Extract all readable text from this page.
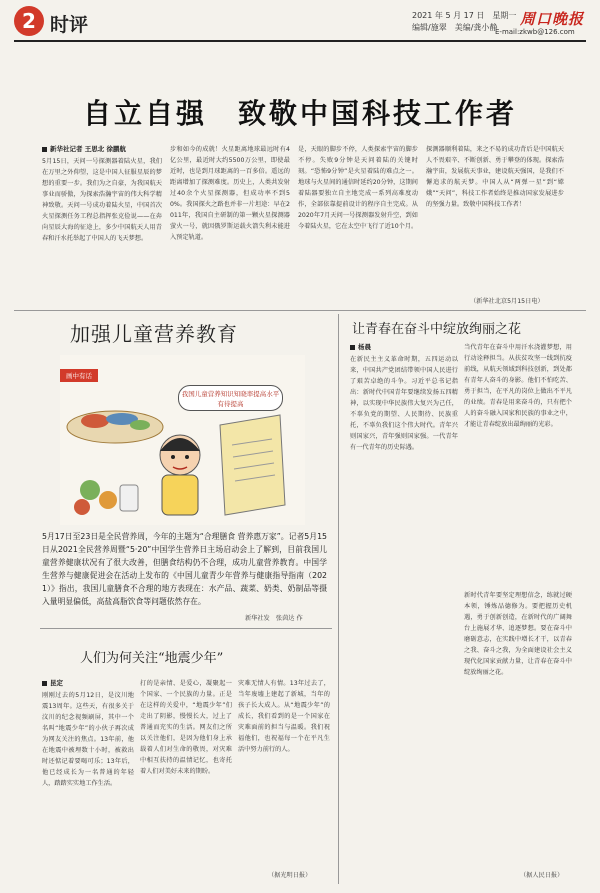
2 时评	2021 年 5 月 17 日　星期一
编辑/施翠　美编/龚小静	周口晚报
E-mail:zkwb@126.com
自立自强　致敬中国科技工作者
新华社记者 王思北 徐鹏航
5月15日，天问一号探测器着陆火星，我们在万里之外仰望，这是中国人征服星辰的梦想的重要一步。我们为之自豪，为我国航天事业而骄傲，为探索浩瀚宇宙的伟大科学精神致敬。天问一号成功着陆火星，中国首次火星探测任务工程总指挥张克俭说——在奔向星辰大海的征途上，多少中国航天人用青春和汗水托举起了中国人的飞天梦想。
步和如今的成就！火星距离地球最远时有4亿公里，最近时大约5500万公里，即使最近时，也是到月球距离的一百多倍。遥远的距离增加了探测难度。历史上，人类共发射过40余个火星探测器，但成功率不到50%。我国探火之路也并非一片坦途：早在2011年，我国自主研制的第一颗火星探测器萤火一号，就因俄罗斯运载火箭失利未能进入预定轨道。
是，天眼的脚步不停，人类探索宇宙的脚步不停。失败9分钟是天问着陆的关键时刻。“恐怖9分钟”是火星着陆的难点之一。地球与火星间的通信时延约20分钟，这期间着陆器要独立自主地完成一系列高难度动作，全部依靠提前设计的程序自主完成。从2020年7月天问一号探测器发射升空，到如今着陆火星，它在太空中飞行了近10个月。
探测器顺利着陆，来之不易的成功背后是中国航天人不畏艰辛、不断创新、勇于攀登的体现。探索浩瀚宇宙，发展航天事业，建设航天强国，是我们不懈追求的航天梦。中国人从“两弹一星”到“嫦娥”“天问”，科技工作者始终是推动国家发展进步的坚强力量。致敬中国科技工作者！
（新华社北京5月15日电）
加强儿童营养教育
画中有话
我国儿童营养知识知晓率提高水平有待提高
5月17日至23日是全民营养周，今年的主题为“合理膳食 营养惠万家”。记者5月15日从2021全民营养周暨“5·20”中国学生营养日主场启动会上了解到，目前我国儿童营养健康状况有了很大改善，但膳食结构仍不合理，成功儿童营养教育。中国学生营养与健康促进会在活动上发布的《中国儿童青少年营养与健康指导指南（2021）》指出，我国儿童膳食不合理的地方表现在：水产品、蔬菜、奶类、奶制品等摄入量明显偏低，高盐高脂饮食等问题依然存在。
新华社发　张茵达 作
人们为何关注“地震少年”
昆定
刚刚过去的5月12日，是汶川地震13周年。这些天，有很多关于汶川的纪念视频刷屏，其中一个名叫“地震少年”的小伙子再次成为网友关注的焦点。13年前，他在地震中被埋数十小时，被救出时还惦记着要喝可乐；13年后，他已经成长为一名普通的年轻人，踏踏实实地工作生活。
打的是亲情、是爱心，凝聚起一个国家、一个民族的力量。正是在这样的关爱中，“地震少年”们走出了阴影，慢慢长大，过上了普通而充实的生活。网友们之所以关注他们，是因为他们身上承载着人们对生命的敬畏，对灾难中相互扶持的温情记忆，也寄托着人们对美好未来的期盼。
灾难无情人有情。13年过去了，当年废墟上建起了新城，当年的孩子长大成人。从“地震少年”的成长，我们看到的是一个国家在灾难面前的担当与温暖。我们祝福他们，也祝福每一个在平凡生活中努力前行的人。
（据光明日报）
让青春在奋斗中绽放绚丽之花
杨晨
在新民主主义革命时期，五四运动以来，中国共产党团结带领中国人民进行了艰苦卓绝的斗争。习近平总书记指出：新时代中国青年要继续发扬五四精神，以实现中华民族伟大复兴为己任，不辜负党的期望、人民期待、民族重托，不辜负我们这个伟大时代。青年兴则国家兴，青年强则国家强。一代青年有一代青年的历史际遇。
当代青年在奋斗中用汗水浇灌梦想，用行动诠释担当。从扶贫攻坚一线到抗疫前线，从航天领域到科技创新，到处都有青年人奋斗的身影。他们不怕吃苦、勇于担当，在平凡的岗位上做出不平凡的业绩。青春是用来奋斗的，只有把个人的奋斗融入国家和民族的事业之中，才能让青春绽放出最绚丽的光彩。
新时代青年要坚定理想信念，练就过硬本领，锤炼品德修为。要把握历史机遇，勇于创新创造，在新时代的广阔舞台上施展才华、追逐梦想。要在奋斗中磨砺意志，在实践中增长才干，以青春之我、奋斗之我，为全面建设社会主义现代化国家贡献力量，让青春在奋斗中绽放绚丽之花。
（据人民日报）
